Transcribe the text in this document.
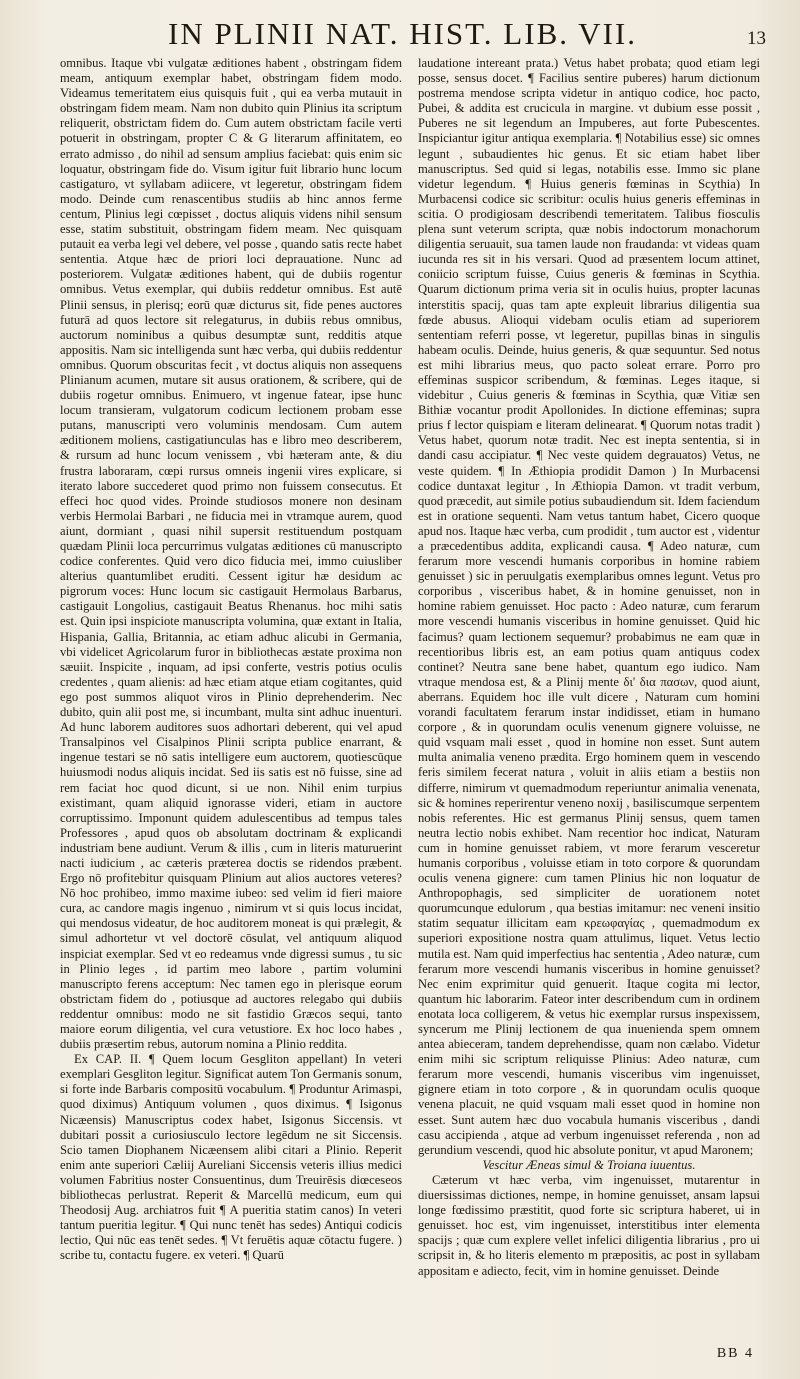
IN PLINII NAT. HIST. LIB. VII.	13

omnibus. Itaque vbi vulgatæ æditiones habent , obstringam fidem meam, antiquum exemplar habet, obstringam fidem modo. Videamus temeritatem eius quisquis fuit , qui ea verba mutauit in obstringam fidem meam. Nam non dubito quin Plinius ita scriptum reliquerit, obstrictam fidem do. Cum autem obstrictam facile verti potuerit in obstringam, propter C & G literarum affinitatem, eo errato admisso , do nihil ad sensum amplius faciebat: quis enim sic loquatur, obstringam fide do. Visum igitur fuit librario hunc locum castigaturo, vt syllabam adiicere, vt legeretur, obstringam fidem modo. Deinde cum renascentibus studiis ab hinc annos ferme centum, Plinius legi cœpisset , doctus aliquis videns nihil sensum esse, statim substituit, obstringam fidem meam. Nec quisquam putauit ea verba legi vel debere, vel posse , quando satis recte habet sententia. Atque hæc de priori loci deprauatione. Nunc ad posteriorem. Vulgatæ æditiones habent, qui de dubiis rogentur omnibus. Vetus exemplar, qui dubiis reddetur omnibus. Est autē Plinii sensus, in plerisq; eorū quæ dicturus sit, fide penes auctores futurā ad quos lectore sit relegaturus, in dubiis rebus omnibus, auctorum nominibus a quibus desumptæ sunt, redditis atque appositis. Nam sic intelligenda sunt hæc verba, qui dubiis reddentur omnibus. Quorum obscuritas fecit , vt doctus aliquis non assequens Plinianum acumen, mutare sit ausus orationem, & scribere, qui de dubiis rogetur omnibus. Enimuero, vt ingenue fatear, ipse hunc locum transieram, vulgatorum codicum lectionem probam esse putans, manuscripti vero voluminis mendosam. Cum autem æditionem moliens, castigatiunculas has e libro meo describerem, & rursum ad hunc locum venissem , vbi hæteram ante, & diu frustra laboraram, cœpi rursus omneis ingenii vires explicare, si iterato labore succederet quod primo non fuissem consecutus. Et effeci hoc quod vides. Proinde studiosos monere non desinam verbis Hermolai Barbari , ne fiducia mei in vtramque aurem, quod aiunt, dormiant , quasi nihil supersit restituendum postquam quædam Plinii loca percurrimus vulgatas æditiones cū manuscripto codice conferentes. Quid vero dico fiducia mei, immo cuiusliber alterius quantumlibet eruditi. Cessent igitur hæ desidum ac pigrorum voces: Hunc locum sic castigauit Hermolaus Barbarus, castigauit Longolius, castigauit Beatus Rhenanus. hoc mihi satis est. Quin ipsi inspiciote manuscripta volumina, quæ extant in Italia, Hispania, Gallia, Britannia, ac etiam adhuc alicubi in Germania, vbi videlicet Agricolarum furor in bibliothecas æstate proxima non sæuiit. Inspicite , inquam, ad ipsi conferte, vestris potius oculis credentes , quam alienis: ad hæc etiam atque etiam cogitantes, quid ego post summos aliquot viros in Plinio deprehenderim. Nec dubito, quin alii post me, si incumbant, multa sint adhuc inuenturi. Ad hunc laborem auditores suos adhortari deberent, qui vel apud Transalpinos vel Cisalpinos Plinii scripta publice enarrant, & ingenue testari se nō satis intelligere eum auctorem, quotiescūque huiusmodi nodus aliquis incidat. Sed iis satis est nō fuisse, sine ad rem faciat hoc quod dicunt, si ue non. Nihil enim turpius existimant, quam aliquid ignorasse videri, etiam in auctore corruptissimo. Imponunt quidem adulescentibus ad tempus tales Professores , apud quos ob absolutam doctrinam & explicandi industriam bene audiunt. Verum & illis , cum in literis maturuerint nacti iudicium , ac cæteris præterea doctis se ridendos præbent. Ergo nō profitebitur quisquam Plinium aut alios auctores veteres? Nō hoc prohibeo, immo maxime iubeo: sed velim id fieri maiore cura, ac candore magis ingenuo , nimirum vt si quis locus incidat, qui mendosus videatur, de hoc auditorem moneat is qui prælegit, & simul adhortetur vt vel doctorē cōsulat, vel antiquum aliquod inspiciat exemplar. Sed vt eo redeamus vnde digressi sumus , tu sic in Plinio leges , id partim meo labore , partim volumini manuscripto ferens acceptum: Nec tamen ego in plerisque eorum obstrictam fidem do , potiusque ad auctores relegabo qui dubiis reddentur omnibus: modo ne sit fastidio Græcos sequi, tanto maiore eorum diligentia, vel cura vetustiore. Ex hoc loco habes , dubiis præsertim rebus, autorum nomina a Plinio reddita.

Ex CAP. II. ¶ Quem locum Gesgliton appellant) In veteri exemplari Gesgliton legitur. Significat autem Ton Germanis sonum, si forte inde Barbaris compositū vocabulum. ¶ Produntur Arimaspi, quod diximus) Antiquum volumen , quos diximus. ¶ Isigonus Nicæensis) Manuscriptus codex habet, Isigonus Siccensis. vt dubitari possit a curiosiusculo lectore legēdum ne sit Siccensis. Scio tamen Diophanem Nicæensem alibi citari a Plinio. Reperit enim ante superiori Cæliij Aureliani Siccensis veteris illius medici volumen Fabritius noster Consuentinus, dum Treuirēsis diœceseos bibliothecas perlustrat. Reperit & Marcellū medicum, eum qui Theodosij Aug. archiatros fuit ¶ A pueritia statim canos) In veteri tantum pueritia legitur. ¶ Qui nunc tenēt has sedes) Antiqui codicis lectio, Qui nūc eas tenēt sedes. ¶ Vt feruētis aquæ cōtactu fugere. ) scribe tu, contactu fugere. ex veteri. ¶ Quarū

laudatione intereant prata.) Vetus habet probata; quod etiam legi posse, sensus docet. ¶ Facilius sentire puberes) harum dictionum postrema mendose scripta videtur in antiquo codice, hoc pacto, Pubei, & addita est crucicula in margine. vt dubium esse possit , Puberes ne sit legendum an Impuberes, aut forte Pubescentes. Inspiciantur igitur antiqua exemplaria. ¶ Notabilius esse) sic omnes legunt , subaudientes hic genus. Et sic etiam habet liber manuscriptus. Sed quid si legas, notabilis esse. Immo sic plane videtur legendum. ¶ Huius generis fœminas in Scythia) In Murbacensi codice sic scribitur: oculis huius generis effeminas in scitia. O prodigiosam describendi temeritatem. Talibus fiosculis plena sunt veterum scripta, quæ nobis indoctorum monachorum diligentia seruauit, sua tamen laude non fraudanda: vt videas quam iucunda res sit in his versari. Quod ad præsentem locum attinet, coniicio scriptum fuisse, Cuius generis & fœminas in Scythia. Quarum dictionum prima veria sit in oculis huius, propter lacunas interstitis spacij, quas tam apte expleuit librarius diligentia sua fœde abusus. Alioqui videbam oculis etiam ad superiorem sententiam referri posse, vt legeretur, pupillas binas in singulis habeam oculis. Deinde, huius generis, & quæ sequuntur. Sed notus est mihi librarius meus, quo pacto soleat errare. Porro pro effeminas suspicor scribendum, & fœminas. Leges itaque, si videbitur , Cuius generis & fœminas in Scythia, quæ Vitiæ sen Bithiæ vocantur prodit Apollonides. In dictione effeminas; supra prius f lector quispiam e literam delinearat. ¶ Quorum notas tradit ) Vetus habet, quorum notæ tradit. Nec est inepta sententia, si in dandi casu accipiatur. ¶ Nec veste quidem degrauatos) Vetus, ne veste quidem. ¶ In Æthiopia prodidit Damon ) In Murbacensi codice duntaxat legitur , In Æthiopia Damon. vt tradit verbum, quod præcedit, aut simile potius subaudiendum sit. Idem faciendum est in oratione sequenti. Nam vetus tantum habet, Cicero quoque apud nos. Itaque hæc verba, cum prodidit , tum auctor est , videntur a præcedentibus addita, explicandi causa. ¶ Adeo naturæ, cum ferarum more vescendi humanis corporibus in homine rabiem genuisset ) sic in peruulgatis exemplaribus omnes legunt. Vetus pro corporibus , visceribus habet, & in homine genuisset, non in homine rabiem genuisset. Hoc pacto : Adeo naturæ, cum ferarum more vescendi humanis visceribus in homine genuisset. Quid hic facimus? quam lectionem sequemur? probabimus ne eam quæ in recentioribus libris est, an eam potius quam antiquus codex continet? Neutra sane bene habet, quantum ego iudico. Nam vtraque mendosa est, & a Plinij mente δι' δια πασων, quod aiunt, aberrans. Equidem hoc ille vult dicere , Naturam cum homini vorandi facultatem ferarum instar indidisset, etiam in humano corpore , & in quorundam oculis venenum gignere voluisse, ne quid vsquam mali esset , quod in homine non esset. Sunt autem multa animalia veneno prædita. Ergo hominem quem in vescendo feris similem fecerat natura , voluit in aliis etiam a bestiis non differre, nimirum vt quemadmodum reperiuntur animalia venenata, sic & homines reperirentur veneno noxij , basiliscumque serpentem nobis referentes. Hic est germanus Plinij sensus, quem tamen neutra lectio nobis exhibet. Nam recentior hoc indicat, Naturam cum in homine genuisset rabiem, vt more ferarum vesceretur humanis corporibus , voluisse etiam in toto corpore & quorundam oculis venena gignere: cum tamen Plinius hic non loquatur de Anthropophagis, sed simpliciter de uorationem notet quorumcunque edulorum , qua bestias imitamur: nec veneni insitio statim sequatur illicitam eam κρεωφαγίας , quemadmodum ex superiori expositione nostra quam attulimus, liquet. Vetus lectio mutila est. Nam quid imperfectius hac sententia , Adeo naturæ, cum ferarum more vescendi humanis visceribus in homine genuisset? Nec enim exprimitur quid genuerit. Itaque cogita mi lector, quantum hic laborarim. Fateor inter describendum cum in ordinem enotata loca colligerem, & vetus hic exemplar rursus inspexissem, syncerum me Plinij lectionem de qua inuenienda spem omnem antea abieceram, tandem deprehendisse, quam non cælabo. Videtur enim mihi sic scriptum reliquisse Plinius: Adeo naturæ, cum ferarum more vescendi, humanis visceribus vim ingenuisset, gignere etiam in toto corpore , & in quorundam oculis quoque venena placuit, ne quid vsquam mali esset quod in homine non esset. Sunt autem hæc duo vocabula humanis visceribus , dandi casu accipienda , atque ad verbum ingenuisset referenda , non ad gerundium vescendi, quod hic absolute ponitur, vt apud Maronem;

Vescitur Æneas simul & Troiana iuuentus.

Cæterum vt hæc verba, vim ingenuisset, mutarentur in diuersissimas dictiones, nempe, in homine genuisset, ansam lapsui longe fœdissimo præstitit, quod forte sic scriptura haberet, ui in genuisset. hoc est, vim ingenuisset, interstitibus inter elementa spacijs ; quæ cum explere vellet infelici diligentia librarius , pro ui scripsit in, & ho literis elemento m præpositis, ac post in syllabam appositam e adiecto, fecit, vim in homine genuisset. Deinde

BB 4
